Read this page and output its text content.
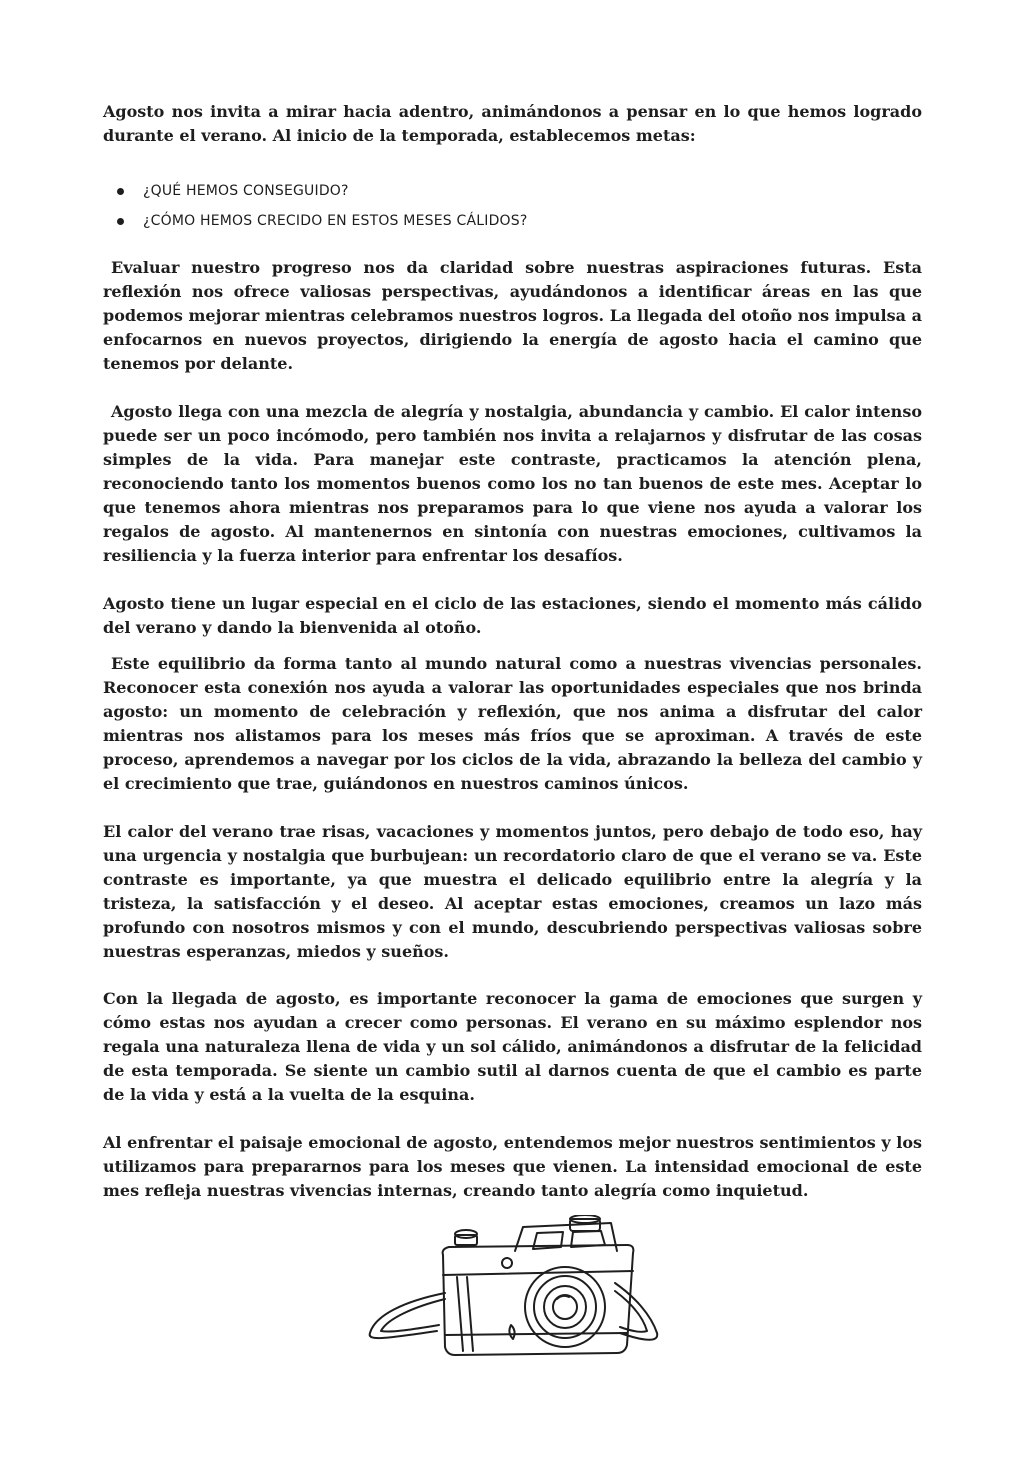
Agosto nos invita a mirar hacia adentro, animándonos a pensar en lo que hemos logrado durante el verano. Al inicio de la temporada, establecemos metas:

¿QUÉ HEMOS CONSEGUIDO?
¿CÓMO HEMOS CRECIDO EN ESTOS MESES CÁLIDOS?

Evaluar nuestro progreso nos da claridad sobre nuestras aspiraciones futuras. Esta reflexión nos ofrece valiosas perspectivas, ayudándonos a identificar áreas en las que podemos mejorar mientras celebramos nuestros logros. La llegada del otoño nos impulsa a enfocarnos en nuevos proyectos, dirigiendo la energía de agosto hacia el camino que tenemos por delante.

Agosto llega con una mezcla de alegría y nostalgia, abundancia y cambio. El calor intenso puede ser un poco incómodo, pero también nos invita a relajarnos y disfrutar de las cosas simples de la vida. Para manejar este contraste, practicamos la atención plena, reconociendo tanto los momentos buenos como los no tan buenos de este mes. Aceptar lo que tenemos ahora mientras nos preparamos para lo que viene nos ayuda a valorar los regalos de agosto. Al mantenernos en sintonía con nuestras emociones, cultivamos la resiliencia y la fuerza interior para enfrentar los desafíos.

Agosto tiene un lugar especial en el ciclo de las estaciones, siendo el momento más cálido del verano y dando la bienvenida al otoño.

Este equilibrio da forma tanto al mundo natural como a nuestras vivencias personales. Reconocer esta conexión nos ayuda a valorar las oportunidades especiales que nos brinda agosto: un momento de celebración y reflexión, que nos anima a disfrutar del calor mientras nos alistamos para los meses más fríos que se aproximan. A través de este proceso, aprendemos a navegar por los ciclos de la vida, abrazando la belleza del cambio y el crecimiento que trae, guiándonos en nuestros caminos únicos.

El calor del verano trae risas, vacaciones y momentos juntos, pero debajo de todo eso, hay una urgencia y nostalgia que burbujean: un recordatorio claro de que el verano se va. Este contraste es importante, ya que muestra el delicado equilibrio entre la alegría y la tristeza, la satisfacción y el deseo. Al aceptar estas emociones, creamos un lazo más profundo con nosotros mismos y con el mundo, descubriendo perspectivas valiosas sobre nuestras esperanzas, miedos y sueños.

Con la llegada de agosto, es importante reconocer la gama de emociones que surgen y cómo estas nos ayudan a crecer como personas. El verano en su máximo esplendor nos regala una naturaleza llena de vida y un sol cálido, animándonos a disfrutar de la felicidad de esta temporada. Se siente un cambio sutil al darnos cuenta de que el cambio es parte de la vida y está a la vuelta de la esquina.

Al enfrentar el paisaje emocional de agosto, entendemos mejor nuestros sentimientos y los utilizamos para prepararnos para los meses que vienen. La intensidad emocional de este mes refleja nuestras vivencias internas, creando tanto alegría como inquietud.
